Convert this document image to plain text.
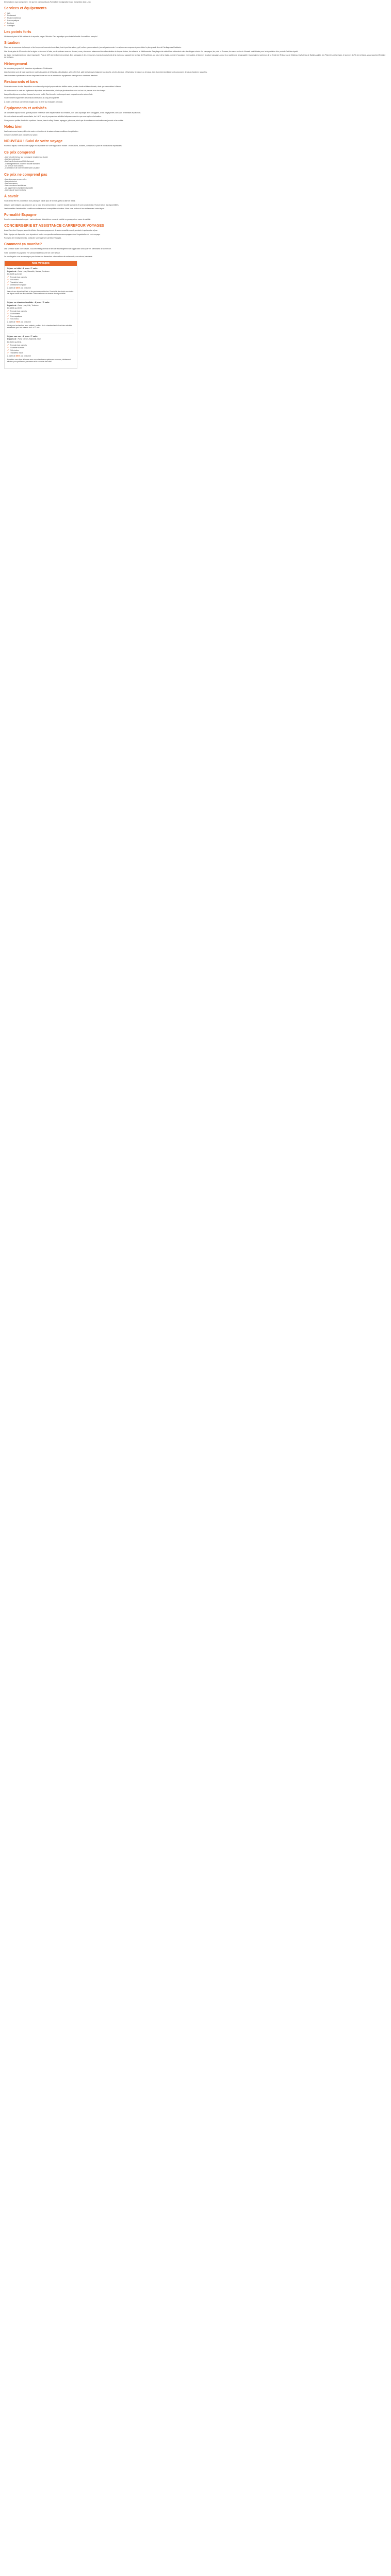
Description à Lyon composant : Ce que ne composent pas Formalités Consignation Logo Comprises dans Lyon

Services et équipements
✔ Wifi
✔ Restaurant
✔ Piscine extérieure
✔ Parc aquatique
✔ Boutique
✔ Consigne
Les points forts

Idéalement placé à 900 mètres de la superbe plage d'Hécube. Parc aquatique pour toute la famille. Accueil tout compris !

Situation

Placé sur la commune de Lesquin et de Lemps de traversée immédiate, tout à peut de nature, golf, culture, parcs naturels, jeux et gastronomie. Les séjours se composent pour visiter le plus grande des de l'héritage des Habitants.

Une de de près de 90 minutes de la région se trouvent à l'aise, sur la plateaux avec un dessert, vous y trouverez notamment de salles dédiées à chaque visiteur, de salles de la Méditerranée. Des plages de sable blanc s'étendent entre de villages colorés. La campagne, les puits et Grasses, les caves moins le Vinnanti sont idéales pour la dégustation d'un produit d'art très réputé.

La région est également une place importante. Plus de 40% de territoire est protégé. Des paysages et des ressources, tout au long du bord de la région qui supporte de la Zone de l'Ancêtinole, au cœur de la région, donnent l'occasion, entre-autres, d'observer la nature sauvage. Autour à un patrimoine remarquable, les domaines nombreux de la Grotte de l'Écluse ou de Château, les Salines de Sainte-Andrée, les Pêcheries de la région, le sommet du Pic de la Garde, vous racontent l'histoire de la région.

Hébergement

Le complexe propose 948 chambres réparties sur 2 bâtiments.

Les chambres sont de type supérieure, toutes équipées de télévision, climatisation, wifi, coffre-fort, salle de bain avec baignoire ou douche, sèche-cheveux, réfrigérateur et balcon ou terrasse. Les chambres familiales sont composées de deux chambres séparées.

Les chambres supérieures vue mer disposent d'une vue sur la mer et d'un équipement identique aux chambres standard.

Restaurants et bars

Vous retrouverez à votre disposition un restaurant principal proposant des buffets variés, cuisine locale et internationale, ainsi que des soirées à thème.

Un restaurant à la carte est également disponible sur réservation, ainsi que plusieurs bars dont un bar à la piscine et un bar lounge.

Les petits-déjeuners sont servis sous forme de buffet. Des formules tout compris sont proposées selon votre choix.

Vous trouverez également des snacks servis tout au long de la journée.

À noter : une tenue correcte est exigée pour le dîner au restaurant principal.

Équipements et activités

Le complexe dispose d'une grande piscine extérieure avec espace dédié aux enfants, d'un parc aquatique avec toboggans, d'une plage privée, ainsi que de transats et parasols.

Un club enfants accueille vos enfants, de 4 à 12 ans, et propose des activités ludiques encadrées par une équipe d'animation.

Vous pourrez profiter d'activités sportives : tennis, beach-volley, fitness, aquagym, pétanque, ainsi que de nombreuses animations en journée et en soirée.

Notez bien

Les horaires sont susceptibles de varier en fonction de la saison et des conditions d'exploitation.

Certaines activités sont payantes sur place.

NOUVEAU ! Suivi de votre voyage

Pour tout départ, votre suivi de voyage est disponible sur votre application mobile : informations, horaires, contacts sur place et notifications importantes.

Ce prix comprend
- Les vols aller/retour sur compagnie régulière ou charter
- Les taxes aéroport
- Les transferts aéroport/hôtel/aéroport
- L'hébergement en chambre double standard
- La formule tout compris
- L'assistance de notre représentant sur place
Ce prix ne comprend pas
- Les dépenses personnelles
- Les pourboires
- Les assurances
- Les excursions facultatives
- Le supplément chambre individuelle
- Les frais de visa éventuels
À savoir

Vous devez être en possession d'un passeport valide plus de 6 mois après la date de retour.

Les prix sont indiqués par personne, sur la base de 2 personnes en chambre double standard, et sont susceptibles d'évoluer selon les disponibilités.

Les formalités d'entrée et les conditions sanitaires sont susceptibles d'évoluer. Nous vous invitons à les vérifier avant votre départ.

Formalité Espagne

Pour les ressortissants français : carte nationale d'identité en cours de validité ou passeport en cours de validité.

CONCIERGERIE ET ASSISTANCE CARREFOUR VOYAGES

Avec Carrefour Voyages, vous bénéficiez d'un accompagnement de votre conseiller avant, pendant et après votre séjour.

Notre équipe est disponible pour répondre à toutes vos questions et vous accompagner dans l'organisation de votre voyage.

Pour plus de renseignements, contactez votre agence Carrefour Voyages.

Comment ça marche?

Une semaine avant votre départ, vous recevrez par email le lien de téléchargement de l'application ainsi que vos identifiants de connexion.

Votre conseiller est joignable 7j/7 pendant toute la durée de votre séjour.

La conciergerie vous accompagne pour toutes vos demandes : réservations de restaurants, excursions, transferts.

Nos voyages
Séjour en hôtel - 8 jours / 7 nuits
Départs de : Paris, Lyon, Marseille, Nantes, Bordeaux
Du 01/05 au 31/10
✔ Formule tout compris
✔ Vols inclus
✔ Transferts inclus
✔ Assistance sur place
À partir de 689 € par personne
Les vols au départ de Paris et de province sont inclus. Possibilité de choisir vos dates de départ selon les disponibilités. Réservation sous réserve de disponibilité.
Séjour en chambre familiale - 8 jours / 7 nuits
Départs de : Paris, Lyon, Lille, Toulouse
Du 15/06 au 15/09
✔ Formule tout compris
✔ Club enfants
✔ Parc aquatique
✔ Vols inclus
À partir de 799 € par personne
Idéal pour les familles avec enfants, profitez de la chambre familiale et des activités encadrées pour les enfants de 4 à 12 ans.
Séjour vue mer - 8 jours / 7 nuits
Départs de : Paris, Nantes, Marseille, Nice
Du 01/04 au 30/11
✔ Formule tout compris
✔ Chambre vue mer
✔ Vols inclus
✔ Transferts inclus
À partir de 859 € par personne
Réveillez-vous face à la mer avec nos chambres supérieures vue mer, idéalement situées pour profiter du panorama et du coucher de soleil.
